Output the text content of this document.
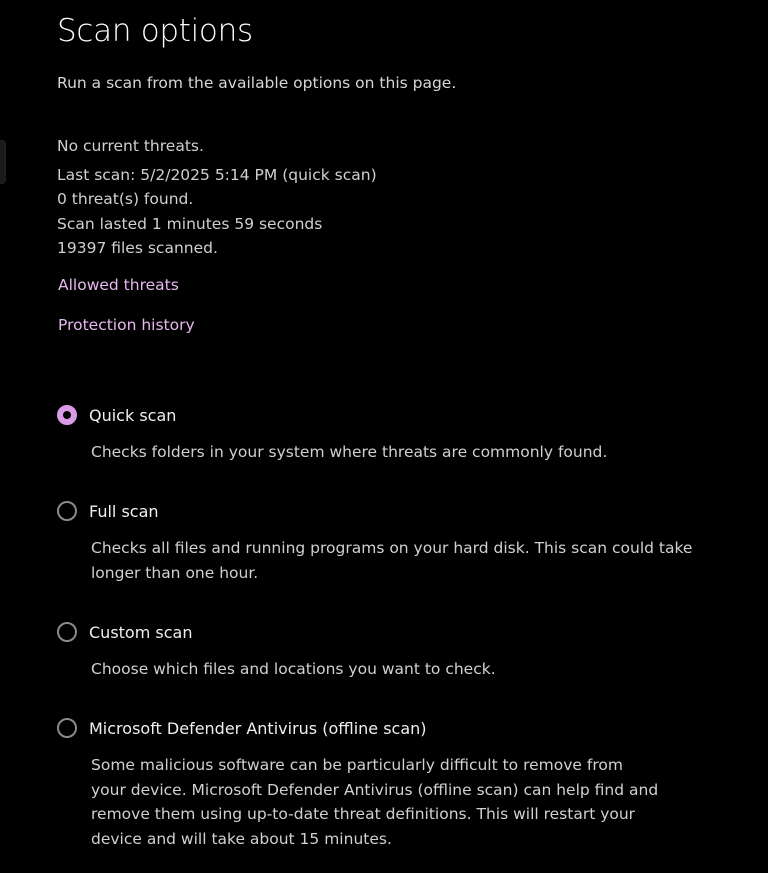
Scan options
Run a scan from the available options on this page.
No current threats.
Last scan: 5/2/2025 5:14 PM (quick scan)
0 threat(s) found.
Scan lasted 1 minutes 59 seconds
19397 files scanned.
Allowed threats
Protection history
Quick scan
Checks folders in your system where threats are commonly found.
Full scan
Checks all files and running programs on your hard disk. This scan could take longer than one hour.
Custom scan
Choose which files and locations you want to check.
Microsoft Defender Antivirus (offline scan)
Some malicious software can be particularly difficult to remove from your device. Microsoft Defender Antivirus (offline scan) can help find and remove them using up-to-date threat definitions. This will restart your device and will take about 15 minutes.
